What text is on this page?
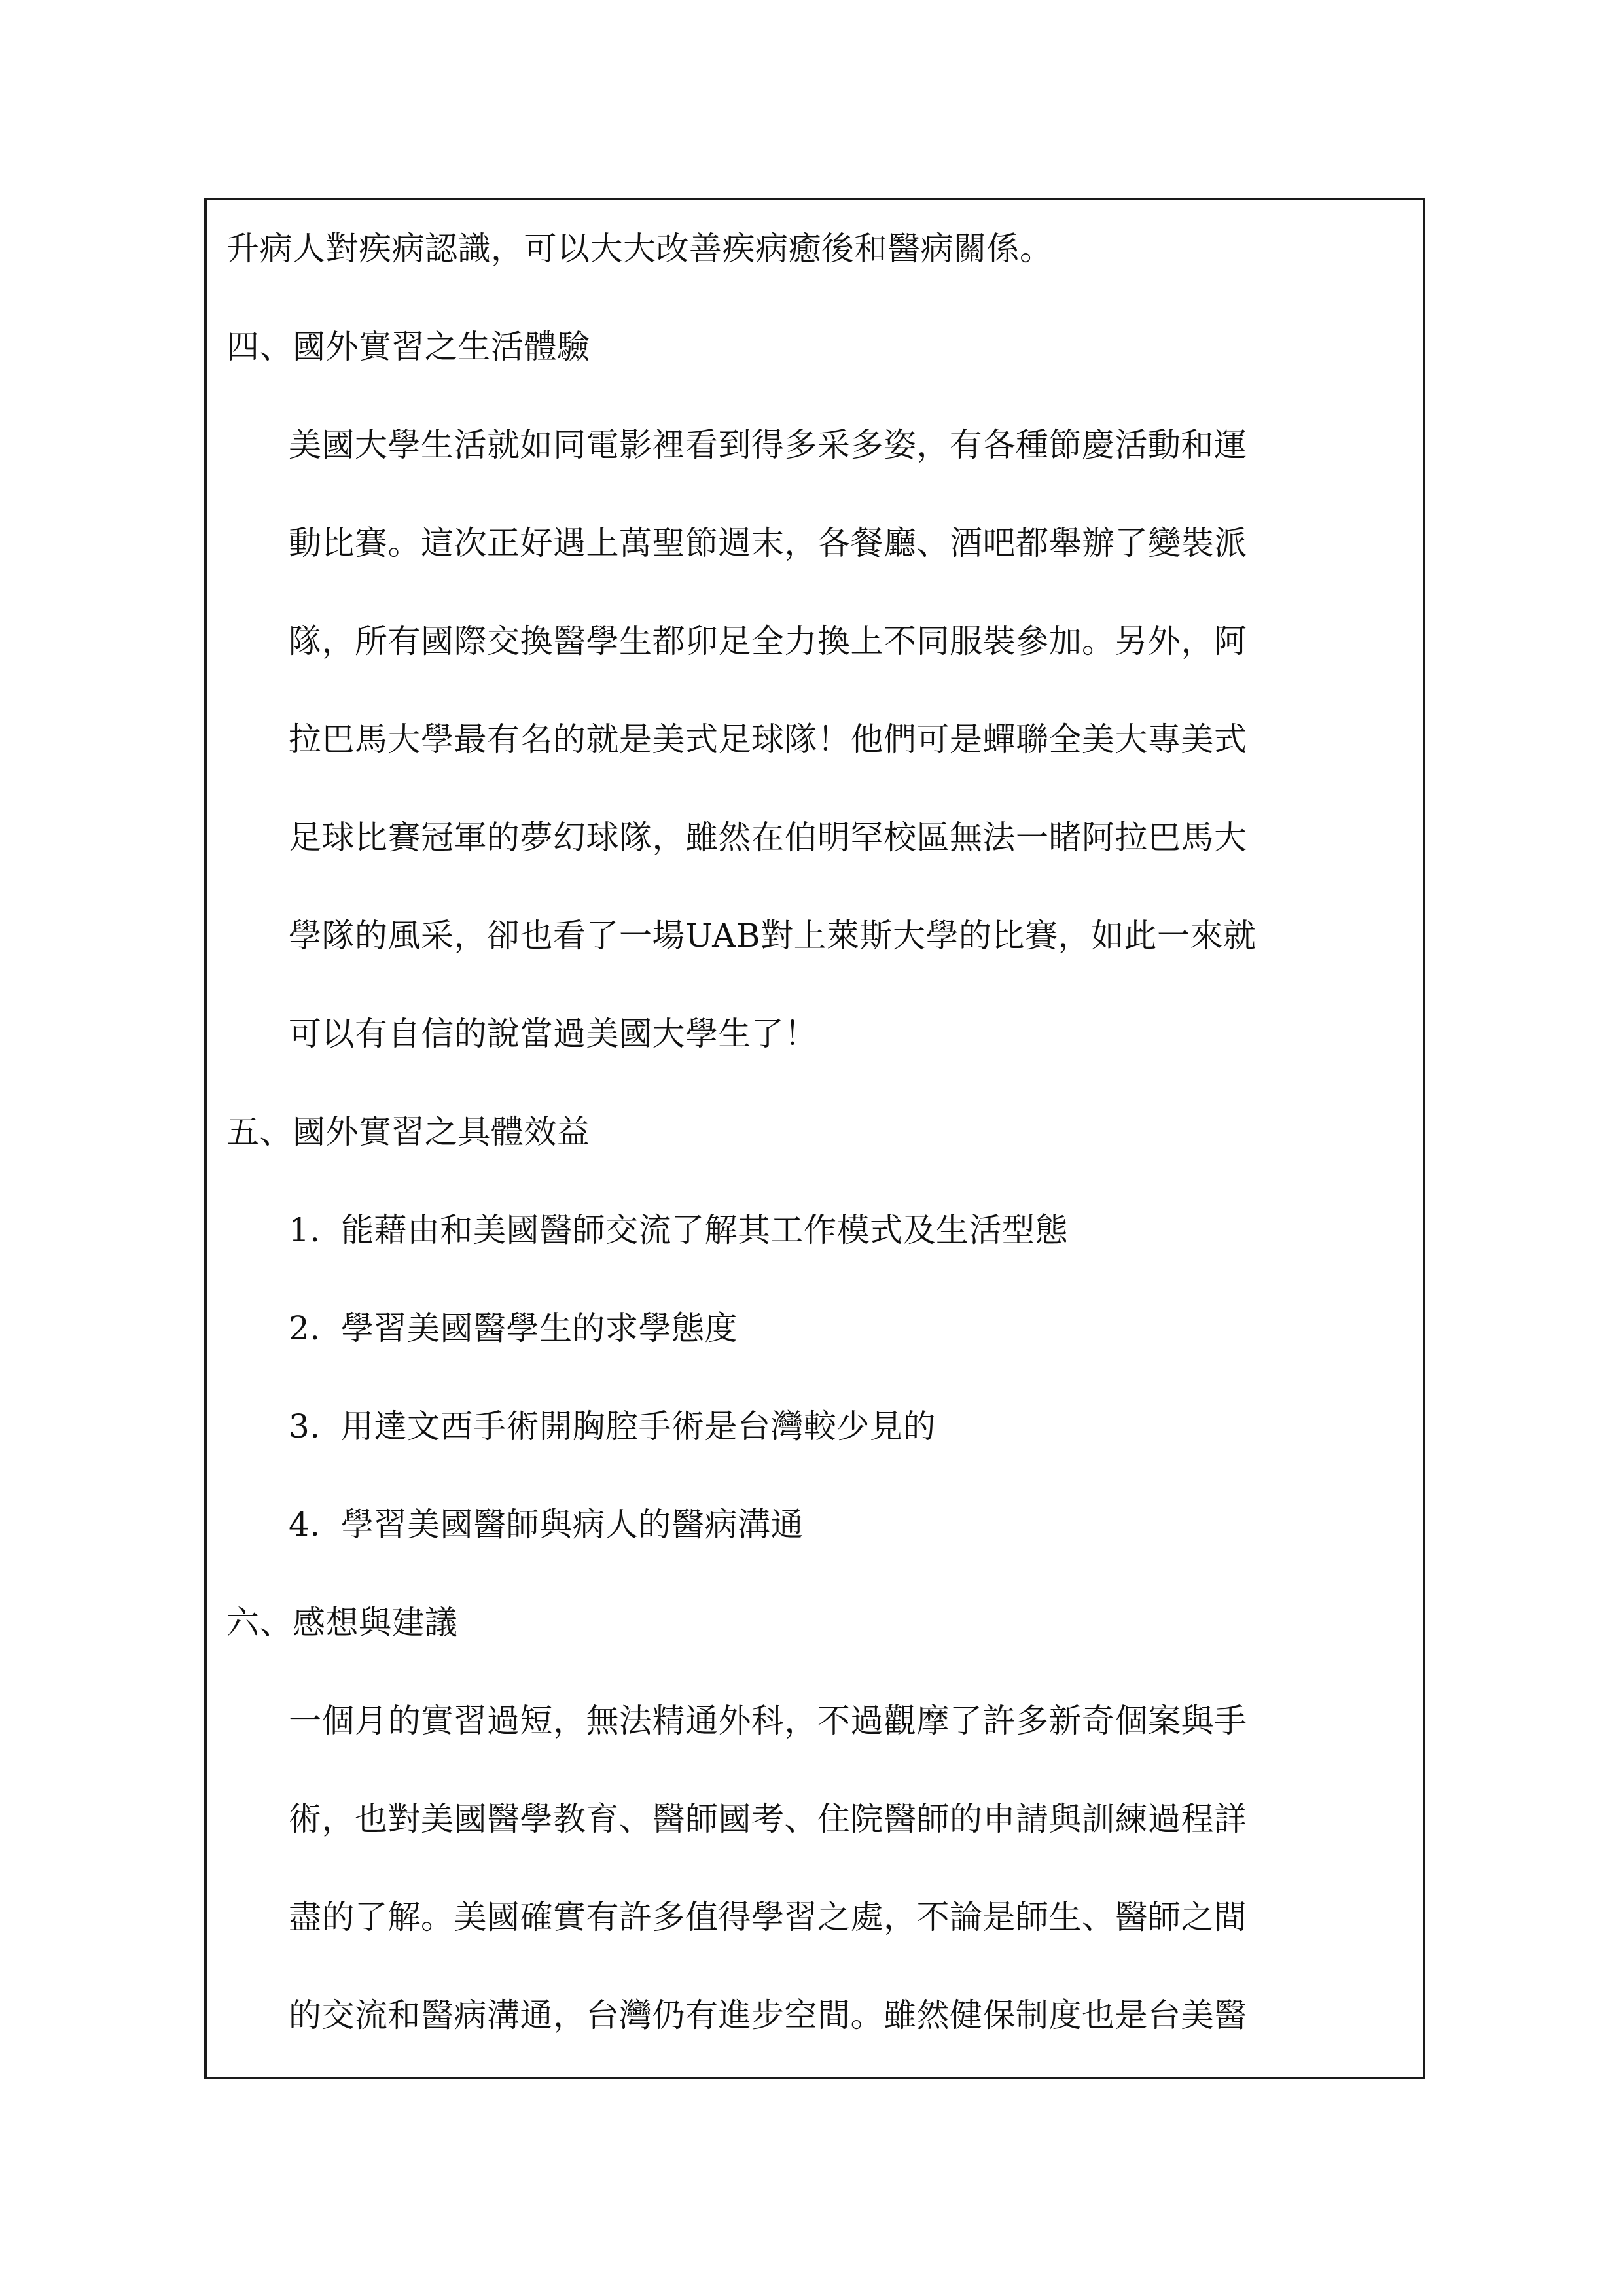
升病人對疾病認識，可以大大改善疾病癒後和醫病關係。
四、國外實習之生活體驗
美國大學生活就如同電影裡看到得多采多姿，有各種節慶活動和運
動比賽。這次正好遇上萬聖節週末，各餐廳、酒吧都舉辦了變裝派
隊，所有國際交換醫學生都卯足全力換上不同服裝參加。另外，阿
拉巴馬大學最有名的就是美式足球隊！他們可是蟬聯全美大專美式
足球比賽冠軍的夢幻球隊，雖然在伯明罕校區無法一睹阿拉巴馬大
學隊的風采，卻也看了一場UAB對上萊斯大學的比賽，如此一來就
可以有自信的說當過美國大學生了！
五、國外實習之具體效益
1. 能藉由和美國醫師交流了解其工作模式及生活型態
2. 學習美國醫學生的求學態度
3. 用達文西手術開胸腔手術是台灣較少見的
4. 學習美國醫師與病人的醫病溝通
六、感想與建議
一個月的實習過短，無法精通外科，不過觀摩了許多新奇個案與手
術，也對美國醫學教育、醫師國考、住院醫師的申請與訓練過程詳
盡的了解。美國確實有許多值得學習之處，不論是師生、醫師之間
的交流和醫病溝通，台灣仍有進步空間。雖然健保制度也是台美醫
